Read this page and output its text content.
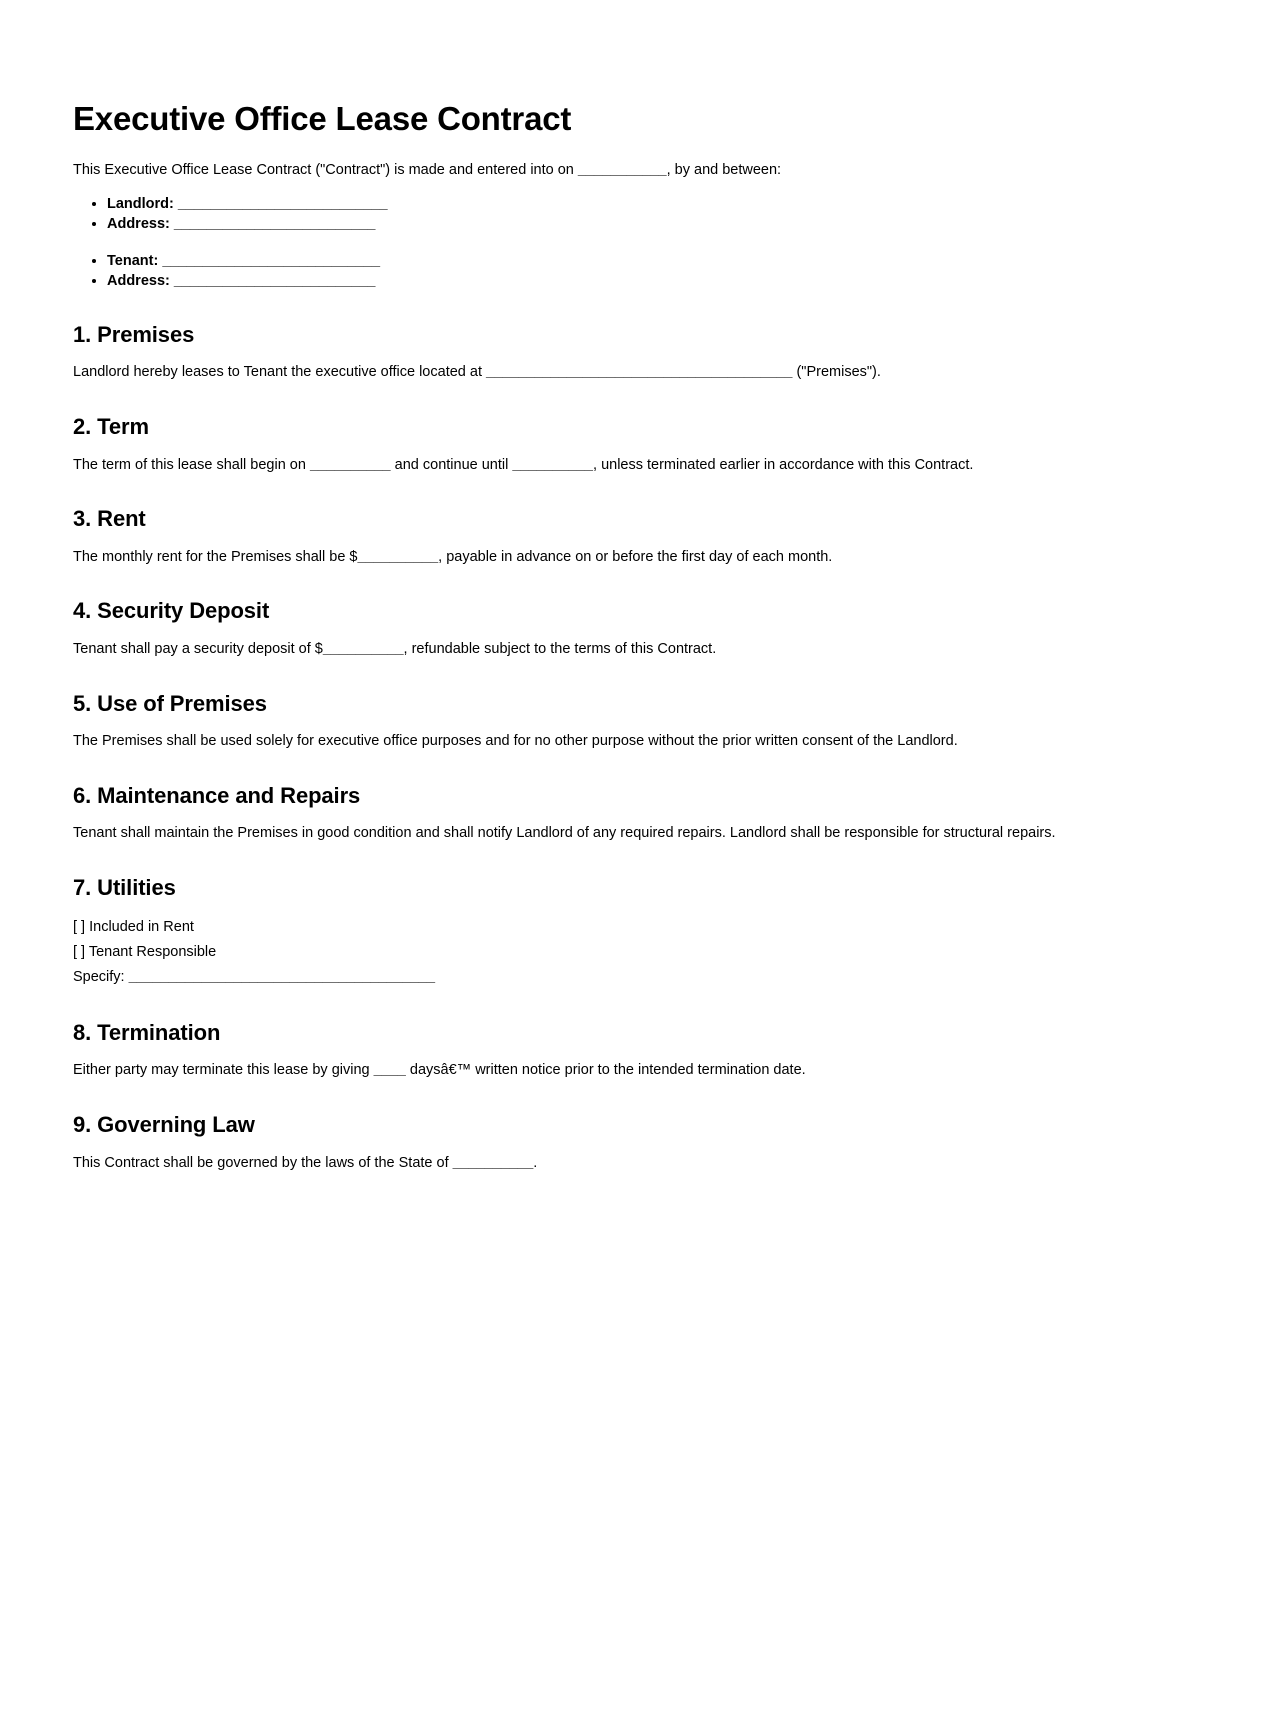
Executive Office Lease Contract

This Executive Office Lease Contract ("Contract") is made and entered into on ___________, by and between:

• Landlord: __________________________
• Address: _________________________
• Tenant: ___________________________
• Address: _________________________
1. Premises

Landlord hereby leases to Tenant the executive office located at ______________________________________ ("Premises").

2. Term

The term of this lease shall begin on __________ and continue until __________, unless terminated earlier in accordance with this Contract.

3. Rent

The monthly rent for the Premises shall be $__________, payable in advance on or before the first day of each month.

4. Security Deposit

Tenant shall pay a security deposit of $__________, refundable subject to the terms of this Contract.

5. Use of Premises

The Premises shall be used solely for executive office purposes and for no other purpose without the prior written consent of the Landlord.

6. Maintenance and Repairs

Tenant shall maintain the Premises in good condition and shall notify Landlord of any required repairs. Landlord shall be responsible for structural repairs.

7. Utilities

[ ] Included in Rent

[ ] Tenant Responsible

Specify: ______________________________________

8. Termination

Either party may terminate this lease by giving ____ daysâ€™ written notice prior to the intended termination date.

9. Governing Law

This Contract shall be governed by the laws of the State of __________.
